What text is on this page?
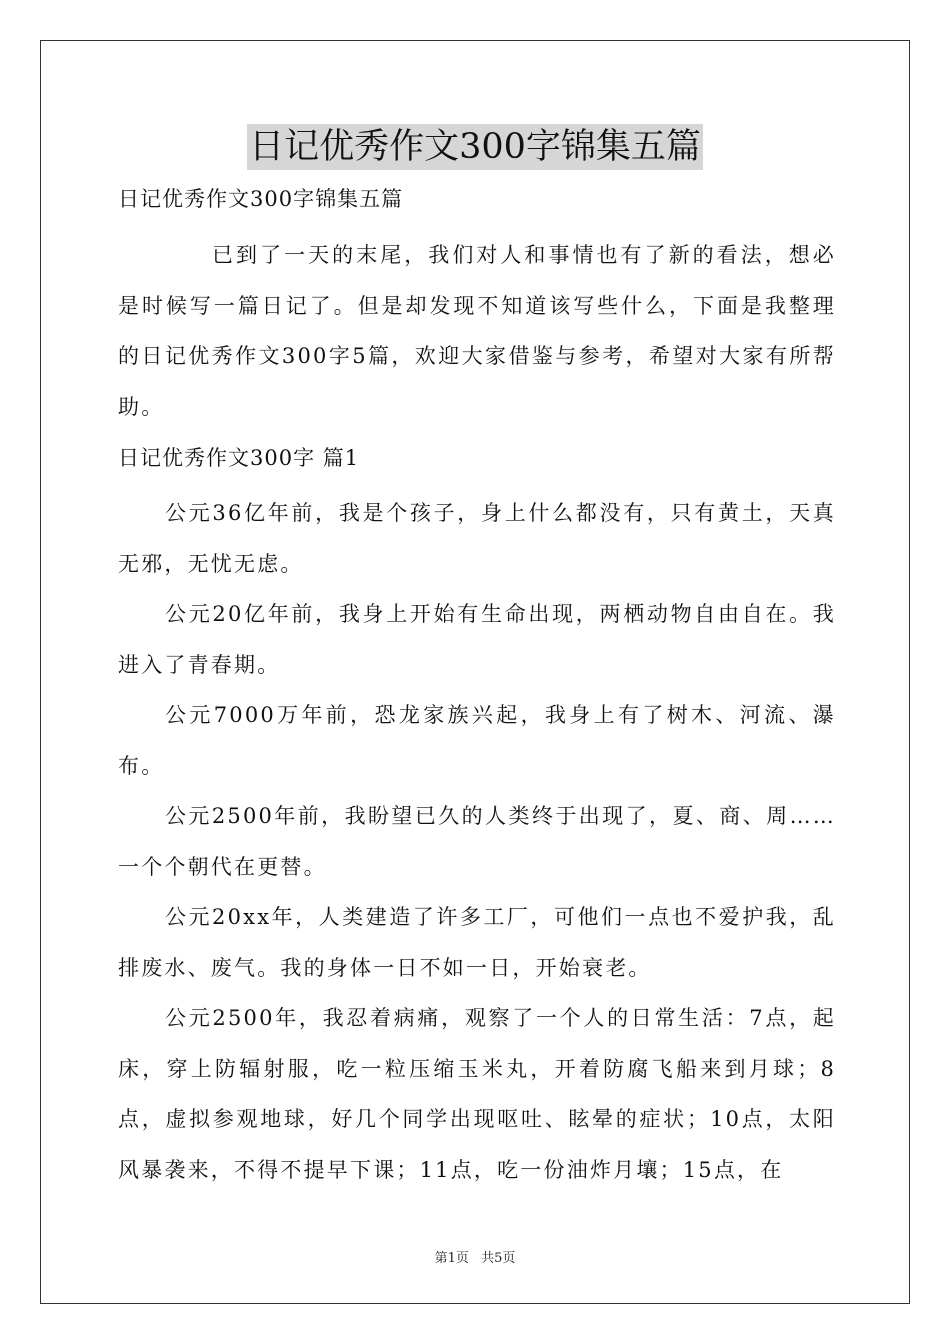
日记优秀作文300字锦集五篇

日记优秀作文300字锦集五篇

已到了一天的末尾，我们对人和事情也有了新的看法，想必是时候写一篇日记了。但是却发现不知道该写些什么，下面是我整理的日记优秀作文300字5篇，欢迎大家借鉴与参考，希望对大家有所帮助。

日记优秀作文300字 篇1

公元36亿年前，我是个孩子，身上什么都没有，只有黄土，天真无邪，无忧无虑。

公元20亿年前，我身上开始有生命出现，两栖动物自由自在。我进入了青春期。

公元7000万年前，恐龙家族兴起，我身上有了树木、河流、瀑布。

公元2500年前，我盼望已久的人类终于出现了，夏、商、周……一个个朝代在更替。

公元20xx年，人类建造了许多工厂，可他们一点也不爱护我，乱排废水、废气。我的身体一日不如一日，开始衰老。

公元2500年，我忍着病痛，观察了一个人的日常生活：7点，起床，穿上防辐射服，吃一粒压缩玉米丸，开着防腐飞船来到月球；8点，虚拟参观地球，好几个同学出现呕吐、眩晕的症状；10点，太阳风暴袭来，不得不提早下课；11点，吃一份油炸月壤；15点，在

第1页 共5页
